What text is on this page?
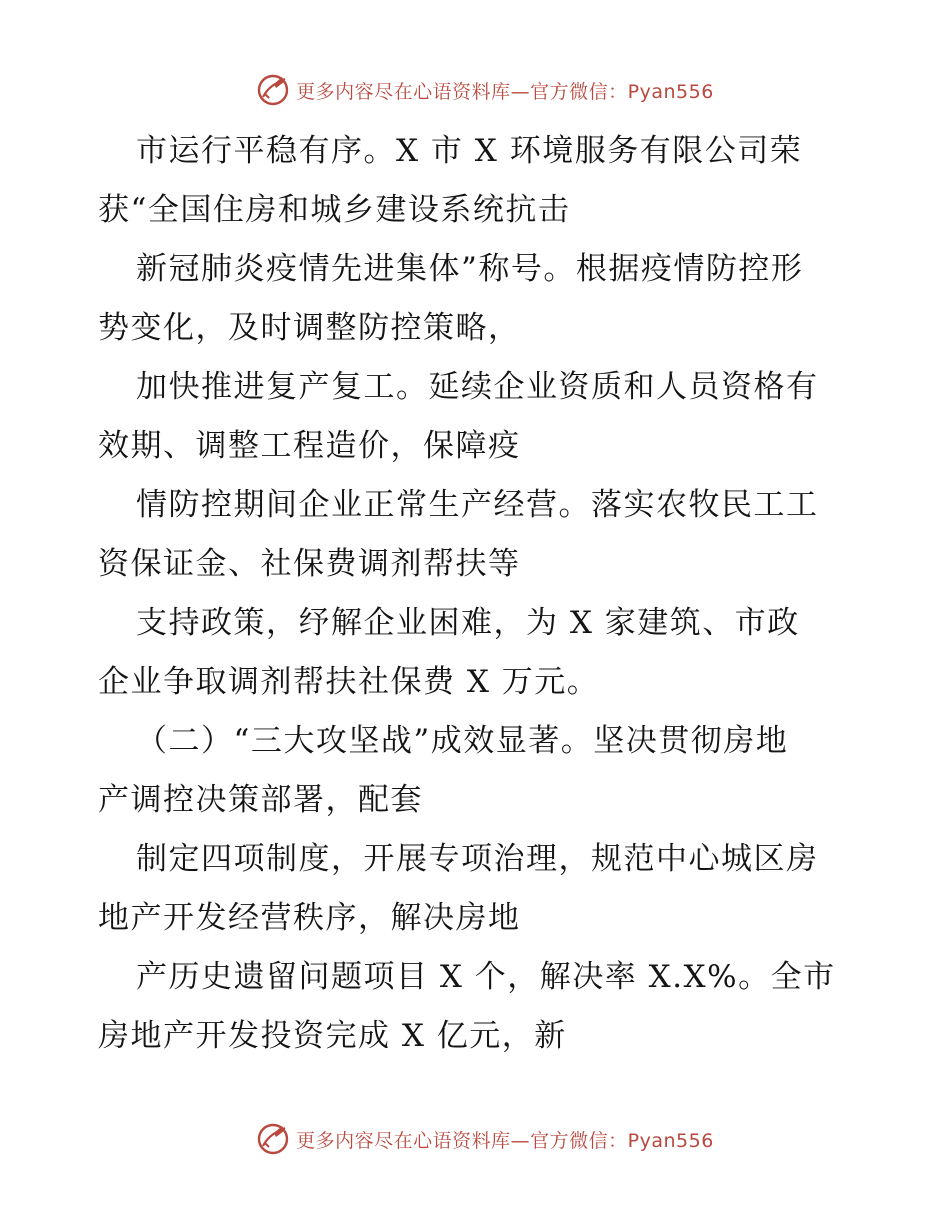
更多内容尽在心语资料库—官方微信：Pyan556
市运行平稳有序。X 市 X 环境服务有限公司荣
获“全国住房和城乡建设系统抗击
新冠肺炎疫情先进集体”称号。根据疫情防控形
势变化，及时调整防控策略，
加快推进复产复工。延续企业资质和人员资格有
效期、调整工程造价，保障疫
情防控期间企业正常生产经营。落实农牧民工工
资保证金、社保费调剂帮扶等
支持政策，纾解企业困难，为 X 家建筑、市政
企业争取调剂帮扶社保费 X 万元。
（二）“三大攻坚战”成效显著。坚决贯彻房地
产调控决策部署，配套
制定四项制度，开展专项治理，规范中心城区房
地产开发经营秩序，解决房地
产历史遗留问题项目 X 个，解决率 X.X%。全市
房地产开发投资完成 X 亿元，新
更多内容尽在心语资料库—官方微信：Pyan556
